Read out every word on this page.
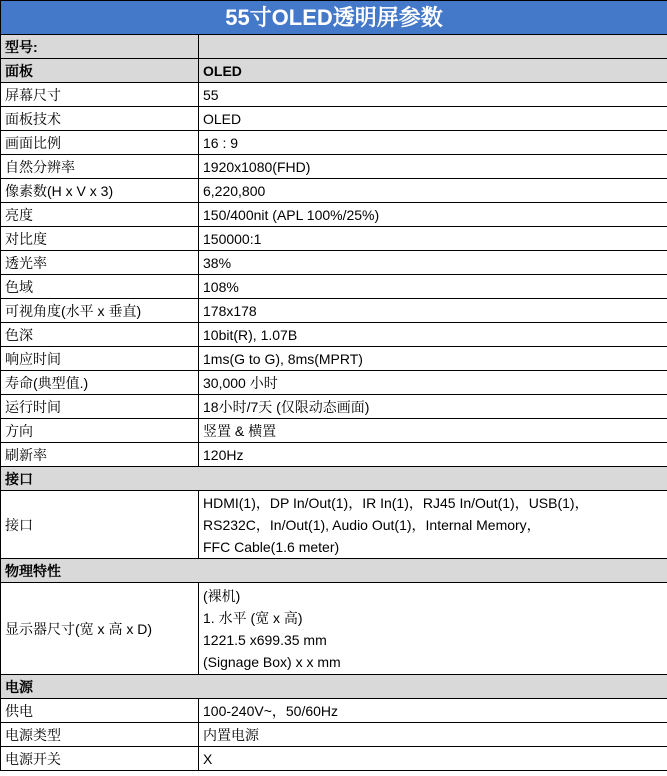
55寸OLED透明屏参数	
型号:	
面板	OLED
屏幕尺寸	55
面板技术	OLED
画面比例	16 : 9
自然分辨率	1920x1080(FHD)
像素数(H x V x 3)	6,220,800
亮度	150/400nit (APL 100%/25%)
对比度	150000:1
透光率	38%
色域	108%
可视角度(水平 x 垂直)	178x178
色深	10bit(R), 1.07B
响应时间	1ms(G to G), 8ms(MPRT)
寿命(典型值.)	30,000 小时
运行时间	18小时/7天 (仅限动态画面)
方向	竖置 & 横置
刷新率	120Hz
接口	
接口	HDMI(1)，DP In/Out(1)，IR In(1)，RJ45 In/Out(1)，USB(1)，
RS232C，In/Out(1), Audio Out(1)，Internal Memory，
FFC Cable(1.6 meter)
物理特性	
显示器尺寸(宽 x 高 x D)	(裸机)
1. 水平 (宽 x 高)
1221.5 x699.35 mm
(Signage Box) x x mm
电源	
供电	100-240V~，50/60Hz
电源类型	内置电源
电源开关	X
